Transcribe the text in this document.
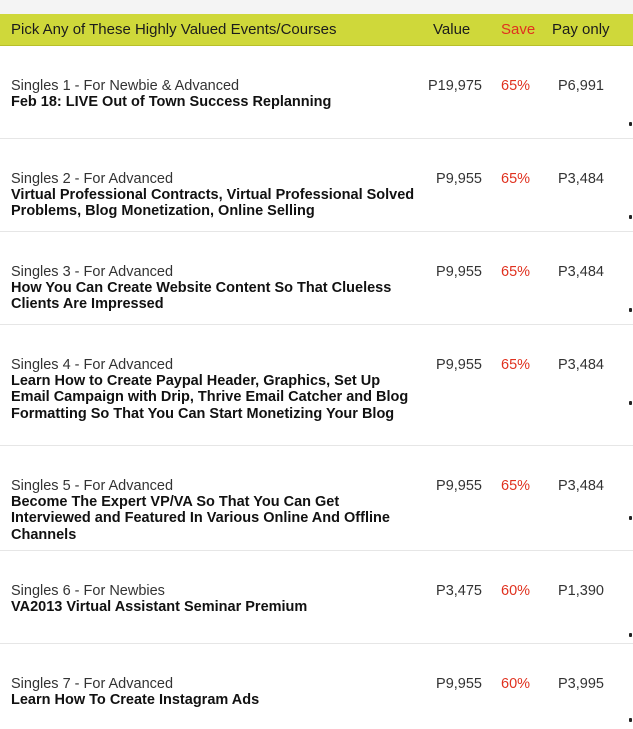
Pick Any of These Highly Valued Events/Courses	Value Save Pay only
Singles 1 - For Newbie & Advanced
Feb 18: LIVE Out of Town Success Replanning
P19,975 65% P6,991
Singles 2 - For Advanced
Virtual Professional Contracts, Virtual Professional Solved Problems, Blog Monetization, Online Selling
P9,955 65% P3,484
Singles 3 - For Advanced
How You Can Create Website Content So That Clueless Clients Are Impressed
P9,955 65% P3,484
Singles 4 - For Advanced
Learn How to Create Paypal Header, Graphics, Set Up Email Campaign with Drip, Thrive Email Catcher and Blog Formatting So That You Can Start Monetizing Your Blog
P9,955 65% P3,484
Singles 5 - For Advanced
Become The Expert VP/VA So That You Can Get Interviewed and Featured In Various Online And Offline Channels
P9,955 65% P3,484
Singles 6 - For Newbies
VA2013 Virtual Assistant Seminar Premium
P3,475 60% P1,390
Singles 7 - For Advanced
Learn How To Create Instagram Ads
P9,955 60% P3,995
